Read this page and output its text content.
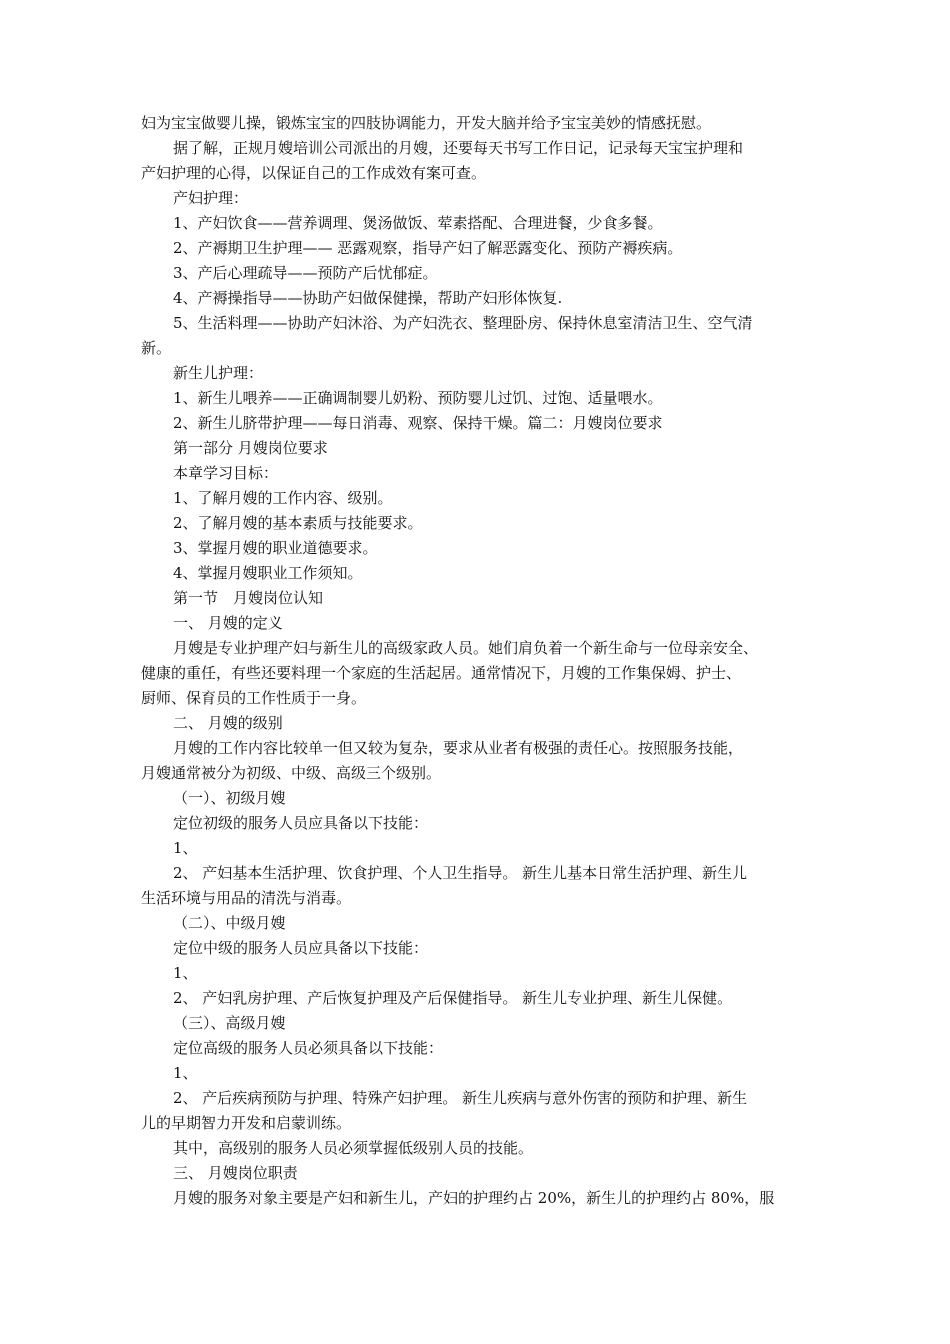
妇为宝宝做婴儿操，锻炼宝宝的四肢协调能力，开发大脑并给予宝宝美妙的情感抚慰。
据了解，正规月嫂培训公司派出的月嫂，还要每天书写工作日记，记录每天宝宝护理和
产妇护理的心得，以保证自己的工作成效有案可查。
产妇护理：
1、产妇饮食——营养调理、煲汤做饭、荤素搭配、合理进餐，少食多餐。
2、产褥期卫生护理—— 恶露观察，指导产妇了解恶露变化、预防产褥疾病。
3、产后心理疏导——预防产后忧郁症。
4、产褥操指导——协助产妇做保健操，帮助产妇形体恢复.
5、生活料理——协助产妇沐浴、为产妇洗衣、整理卧房、保持休息室清洁卫生、空气清
新。
新生儿护理：
1、新生儿喂养——正确调制婴儿奶粉、预防婴儿过饥、过饱、适量喂水。
2、新生儿脐带护理——每日消毒、观察、保持干燥。篇二：月嫂岗位要求
第一部分 月嫂岗位要求
本章学习目标：
1、了解月嫂的工作内容、级别。
2、了解月嫂的基本素质与技能要求。
3、掌握月嫂的职业道德要求。
4、掌握月嫂职业工作须知。
第一节　月嫂岗位认知
一、 月嫂的定义
月嫂是专业护理产妇与新生儿的高级家政人员。她们肩负着一个新生命与一位母亲安全、
健康的重任，有些还要料理一个家庭的生活起居。通常情况下，月嫂的工作集保姆、护士、
厨师、保育员的工作性质于一身。
二、 月嫂的级别
月嫂的工作内容比较单一但又较为复杂，要求从业者有极强的责任心。按照服务技能，
月嫂通常被分为初级、中级、高级三个级别。
（一）、初级月嫂
定位初级的服务人员应具备以下技能：
1、
2、 产妇基本生活护理、饮食护理、个人卫生指导。 新生儿基本日常生活护理、新生儿
生活环境与用品的清洗与消毒。
（二）、中级月嫂
定位中级的服务人员应具备以下技能：
1、
2、 产妇乳房护理、产后恢复护理及产后保健指导。 新生儿专业护理、新生儿保健。
（三）、高级月嫂
定位高级的服务人员必须具备以下技能：
1、
2、 产后疾病预防与护理、特殊产妇护理。 新生儿疾病与意外伤害的预防和护理、新生
儿的早期智力开发和启蒙训练。
其中，高级别的服务人员必须掌握低级别人员的技能。
三、 月嫂岗位职责
月嫂的服务对象主要是产妇和新生儿，产妇的护理约占 20%，新生儿的护理约占 80%，服
